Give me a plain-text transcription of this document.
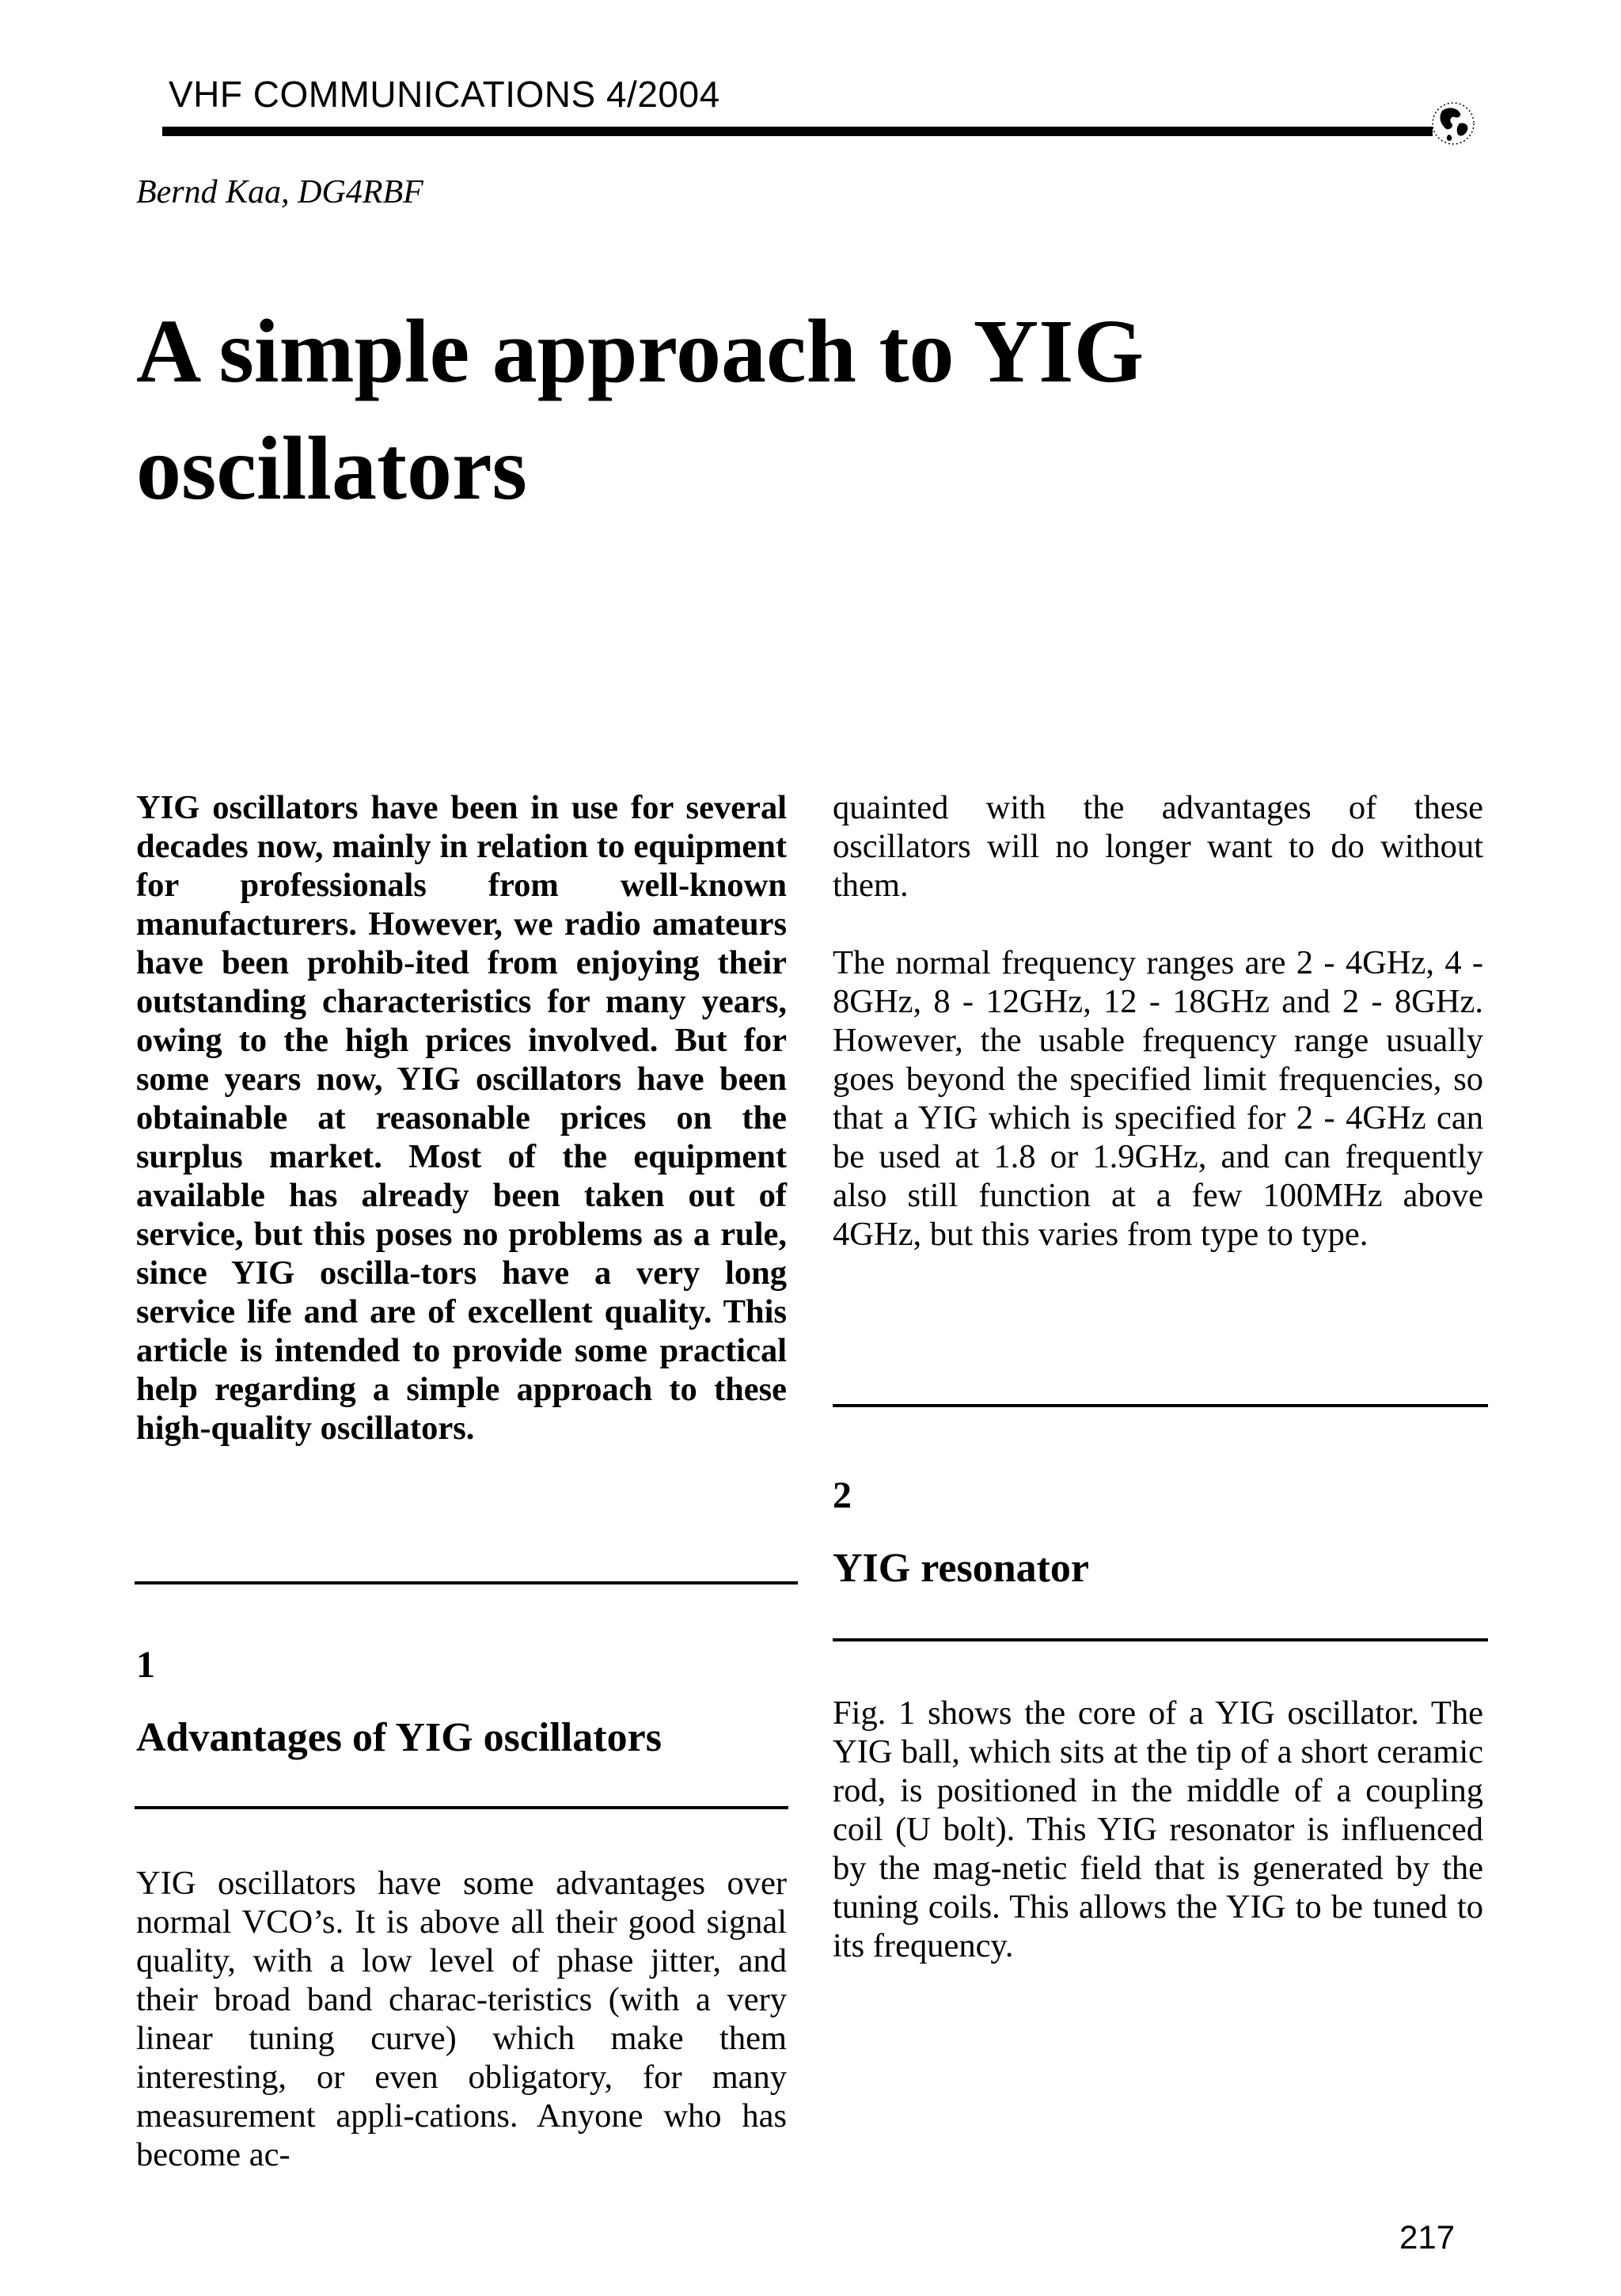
VHF COMMUNICATIONS 4/2004
Bernd Kaa, DG4RBF
A simple approach to YIG
oscillators

YIG oscillators have been in use for several decades now, mainly in relation to equipment for professionals from well-known manufacturers. However, we radio amateurs have been prohib-ited from enjoying their outstanding characteristics for many years, owing to the high prices involved. But for some years now, YIG oscillators have been obtainable at reasonable prices on the surplus market. Most of the equipment available has already been taken out of service, but this poses no problems as a rule, since YIG oscilla-tors have a very long service life and are of excellent quality. This article is intended to provide some practical help regarding a simple approach to these high-quality oscillators.

1
Advantages of YIG oscillators

YIG oscillators have some advantages over normal VCO’s. It is above all their good signal quality, with a low level of phase jitter, and their broad band charac-teristics (with a very linear tuning curve) which make them interesting, or even obligatory, for many measurement appli-cations. Anyone who has become ac-

quainted with the advantages of these oscillators will no longer want to do without them.

The normal frequency ranges are 2 - 4GHz, 4 - 8GHz, 8 - 12GHz, 12 - 18GHz and 2 - 8GHz. However, the usable frequency range usually goes beyond the specified limit frequencies, so that a YIG which is specified for 2 - 4GHz can be used at 1.8 or 1.9GHz, and can frequently also still function at a few 100MHz above 4GHz, but this varies from type to type.

2
YIG resonator

Fig. 1 shows the core of a YIG oscillator. The YIG ball, which sits at the tip of a short ceramic rod, is positioned in the middle of a coupling coil (U bolt). This YIG resonator is influenced by the mag-netic field that is generated by the tuning coils. This allows the YIG to be tuned to its frequency.

217
